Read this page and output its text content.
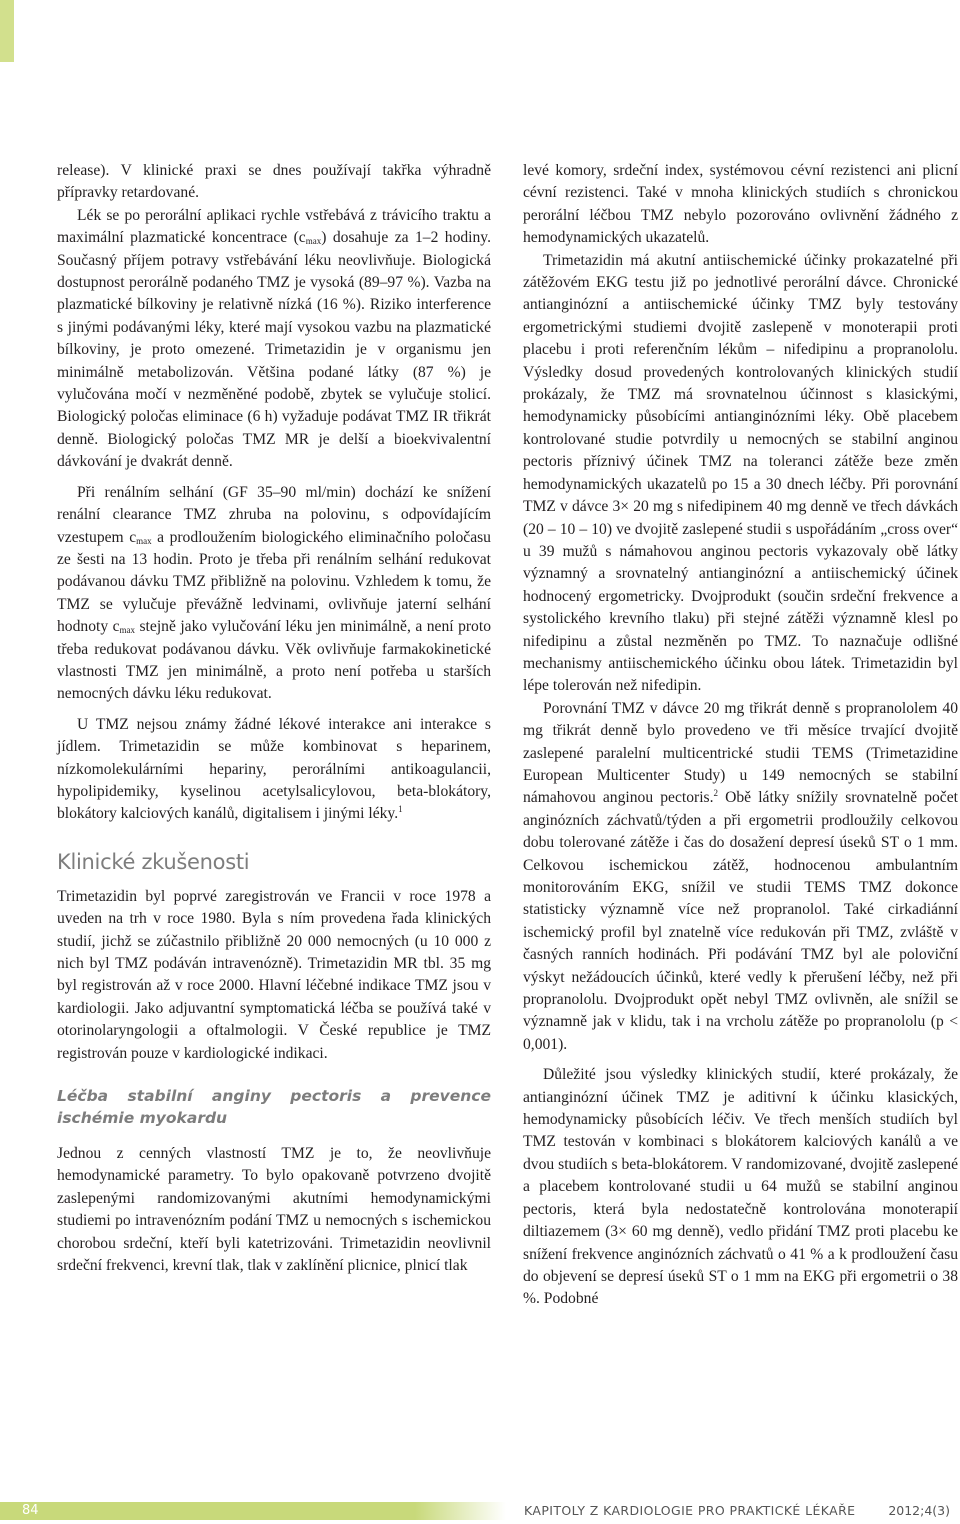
release). V klinické praxi se dnes používají takřka výhradně přípravky retardované.

Lék se po perorální aplikaci rychle vstřebává z trávicího traktu a maximální plazmatické koncentrace $(c_{max})$ dosahuje za 1–2 hodiny. Současný příjem potravy vstřebávání léku neovlivňuje. Biologická dostupnost perorálně podaného TMZ je vysoká (89–97 %). Vazba na plazmatické bílkoviny je relativně nízká (16 %). Riziko interference s jinými podávanými léky, které mají vysokou vazbu na plazmatické bílkoviny, je proto omezené. Trimetazidin je v organismu jen minimálně metabolizován. Většina podané látky (87 %) je vylučována močí v nezměněné podobě, zbytek se vylučuje stolicí. Biologický poločas eliminace (6 h) vyžaduje podávat TMZ IR třikrát denně. Biologický poločas TMZ MR je delší a bioekvivalentní dávkování je dvakrát denně.

Při renálním selhání (GF 35–90 ml/min) dochází ke snížení renální clearance TMZ zhruba na polovinu, s odpovídajícím vzestupem $c_{max}$ a prodloužením biologického eliminačního poločasu ze šesti na 13 hodin. Proto je třeba při renálním selhání redukovat podávanou dávku TMZ přibližně na polovinu. Vzhledem k tomu, že TMZ se vylučuje převážně ledvinami, ovlivňuje jaterní selhání hodnoty $c_{max}$ stejně jako vylučování léku jen minimálně, a není proto třeba redukovat podávanou dávku. Věk ovlivňuje farmakokinetické vlastnosti TMZ jen minimálně, a proto není potřeba u starších nemocných dávku léku redukovat.

U TMZ nejsou známy žádné lékové interakce ani interakce s jídlem. Trimetazidin se může kombinovat s heparinem, nízkomolekulárními hepariny, perorálními antikoagulancii, hypolipidemiky, kyselinou acetylsalicylovou, beta-blokátory, blokátory kalciových kanálů, digitalisem i jinými léky.$^1$

Klinické zkušenosti

Trimetazidin byl poprvé zaregistrován ve Francii v roce 1978 a uveden na trh v roce 1980. Byla s ním provedena řada klinických studií, jichž se zúčastnilo přibližně 20 000 nemocných (u 10 000 z nich byl TMZ podáván intravenózně). Trimetazidin MR tbl. 35 mg byl registrován až v roce 2000. Hlavní léčebné indikace TMZ jsou v kardiologii. Jako adjuvantní symptomatická léčba se používá také v otorinolaryngologii a oftalmologii. V České republice je TMZ registrován pouze v kardiologické indikaci.

Léčba stabilní anginy pectoris a prevence ischémie myokardu

Jednou z cenných vlastností TMZ je to, že neovlivňuje hemodynamické parametry. To bylo opakovaně potvrzeno dvojitě zaslepenými randomizovanými akutními hemodynamickými studiemi po intravenózním podání TMZ u nemocných s ischemickou chorobou srdeční, kteří byli katetrizováni. Trimetazidin neovlivnil srdeční frekvenci, krevní tlak, tlak v zaklínění plicnice, plnicí tlak

levé komory, srdeční index, systémovou cévní rezistenci ani plicní cévní rezistenci. Také v mnoha klinických studiích s chronickou perorální léčbou TMZ nebylo pozorováno ovlivnění žádného z hemodynamických ukazatelů.

Trimetazidin má akutní antiischemické účinky prokazatelné při zátěžovém EKG testu již po jednotlivé perorální dávce. Chronické antianginózní a antiischemické účinky TMZ byly testovány ergometrickými studiemi dvojitě zaslepeně v monoterapii proti placebu i proti referenčním lékům – nifedipinu a propranololu. Výsledky dosud provedených kontrolovaných klinických studií prokázaly, že TMZ má srovnatelnou účinnost s klasickými, hemodynamicky působícími antianginózními léky. Obě placebem kontrolované studie potvrdily u nemocných se stabilní anginou pectoris příznivý účinek TMZ na toleranci zátěže beze změn hemodynamických ukazatelů po 15 a 30 dnech léčby. Při porovnání TMZ v dávce 3× 20 mg s nifedipinem 40 mg denně ve třech dávkách (20 – 10 – 10) ve dvojitě zaslepené studii s uspořádáním „cross over“ u 39 mužů s námahovou anginou pectoris vykazovaly obě látky významný a srovnatelný antianginózní a antiischemický účinek hodnocený ergometricky. Dvojprodukt (součin srdeční frekvence a systolického krevního tlaku) při stejné zátěži významně klesl po nifedipinu a zůstal nezměněn po TMZ. To naznačuje odlišné mechanismy antiischemického účinku obou látek. Trimetazidin byl lépe tolerován než nifedipin.

Porovnání TMZ v dávce 20 mg třikrát denně s propranololem 40 mg třikrát denně bylo provedeno ve tři měsíce trvající dvojitě zaslepené paralelní multicentrické studii TEMS (Trimetazidine European Multicenter Study) u 149 nemocných se stabilní námahovou anginou pectoris.$^2$ Obě látky snížily srovnatelně počet anginózních záchvatů/týden a při ergometrii prodloužily celkovou dobu tolerované zátěže i čas do dosažení depresí úseků ST o 1 mm. Celkovou ischemickou zátěž, hodnocenou ambulantním monitorováním EKG, snížil ve studii TEMS TMZ dokonce statisticky významně více než propranolol. Také cirkadiánní ischemický profil byl znatelně více redukován při TMZ, zvláště v časných ranních hodinách. Při podávání TMZ byl ale poloviční výskyt nežádoucích účinků, které vedly k přerušení léčby, než při propranololu. Dvojprodukt opět nebyl TMZ ovlivněn, ale snížil se významně jak v klidu, tak i na vrcholu zátěže po propranololu (p < 0,001).

Důležité jsou výsledky klinických studií, které prokázaly, že antianginózní účinek TMZ je aditivní k účinku klasických, hemodynamicky působících léčiv. Ve třech menších studiích byl TMZ testován v kombinaci s blokátorem kalciových kanálů a ve dvou studiích s beta-blokátorem. V randomizované, dvojitě zaslepené a placebem kontrolované studii u 64 mužů se stabilní anginou pectoris, která byla nedostatečně kontrolována monoterapií diltiazemem (3× 60 mg denně), vedlo přidání TMZ proti placebu ke snížení frekvence anginózních záchvatů o 41 % a k prodloužení času do objevení se depresí úseků ST o 1 mm na EKG při ergometrii o 38 %. Podobné

84	KAPITOLY Z KARDIOLOGIE PRO PRAKTICKÉ LÉKAŘE	2012;4(3)
